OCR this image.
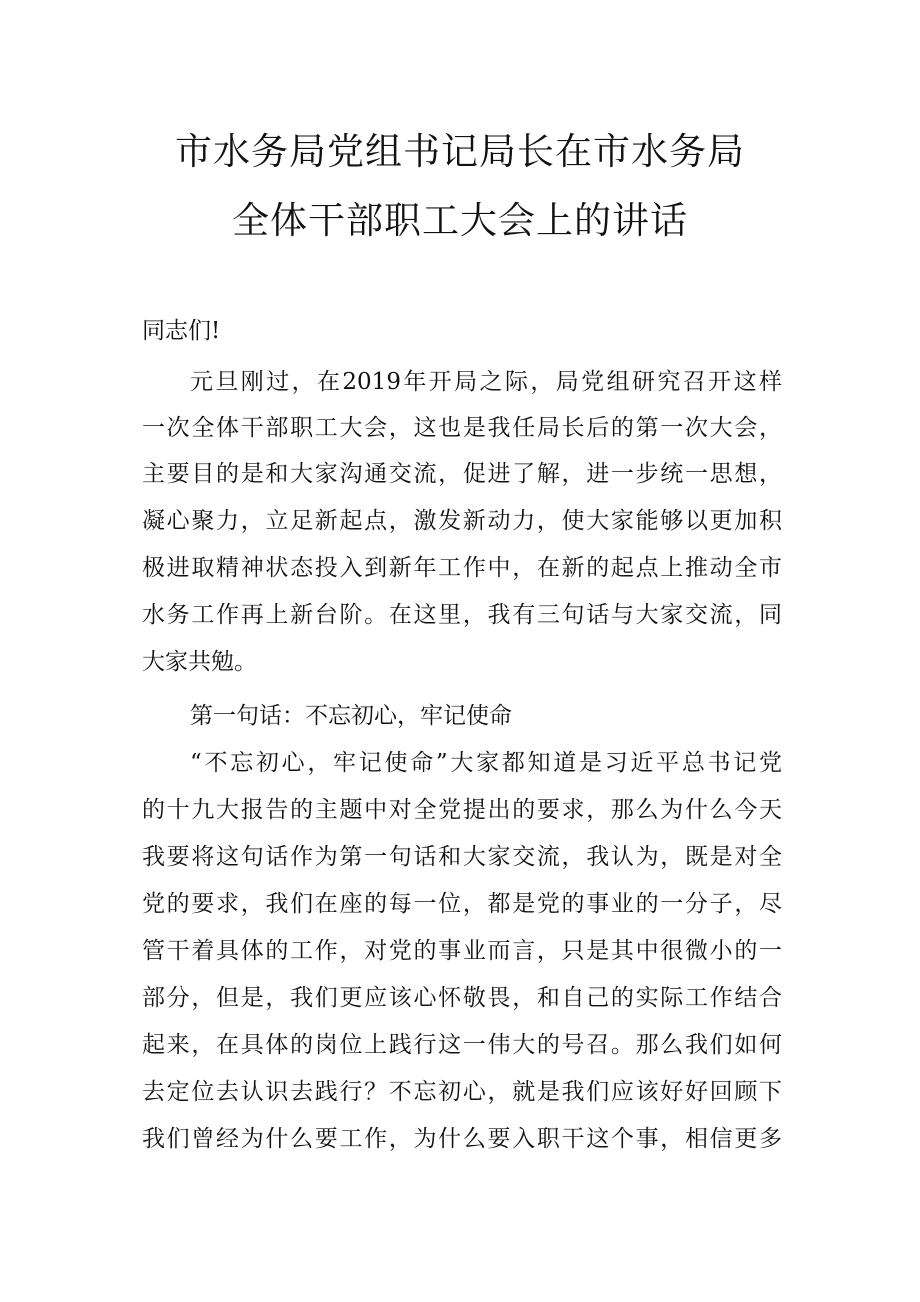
市水务局党组书记局长在市水务局
全体干部职工大会上的讲话
同志们!
元旦刚过，在2019年开局之际，局党组研究召开这样
一次全体干部职工大会，这也是我任局长后的第一次大会，
主要目的是和大家沟通交流，促进了解，进一步统一思想，
凝心聚力，立足新起点，激发新动力，使大家能够以更加积
极进取精神状态投入到新年工作中，在新的起点上推动全市
水务工作再上新台阶。在这里，我有三句话与大家交流，同
大家共勉。
第一句话：不忘初心，牢记使命
“不忘初心，牢记使命”大家都知道是习近平总书记党
的十九大报告的主题中对全党提出的要求，那么为什么今天
我要将这句话作为第一句话和大家交流，我认为，既是对全
党的要求，我们在座的每一位，都是党的事业的一分子，尽
管干着具体的工作，对党的事业而言，只是其中很微小的一
部分，但是，我们更应该心怀敬畏，和自己的实际工作结合
起来，在具体的岗位上践行这一伟大的号召。那么我们如何
去定位去认识去践行？不忘初心，就是我们应该好好回顾下
我们曾经为什么要工作，为什么要入职干这个事，相信更多
